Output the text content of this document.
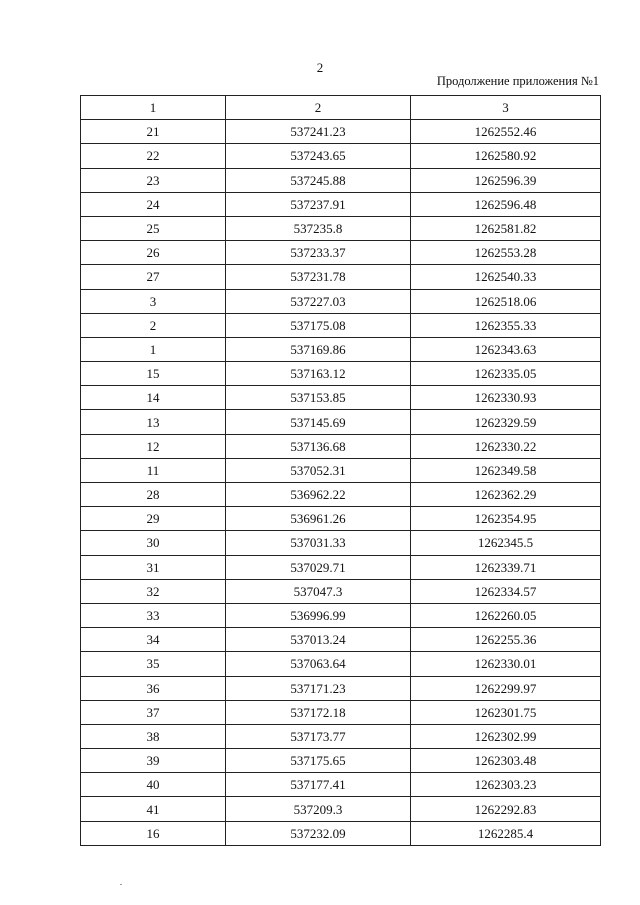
2
Продолжение приложения №1
1	2	3
21	537241.23	1262552.46
22	537243.65	1262580.92
23	537245.88	1262596.39
24	537237.91	1262596.48
25	537235.8	1262581.82
26	537233.37	1262553.28
27	537231.78	1262540.33
3	537227.03	1262518.06
2	537175.08	1262355.33
1	537169.86	1262343.63
15	537163.12	1262335.05
14	537153.85	1262330.93
13	537145.69	1262329.59
12	537136.68	1262330.22
11	537052.31	1262349.58
28	536962.22	1262362.29
29	536961.26	1262354.95
30	537031.33	1262345.5
31	537029.71	1262339.71
32	537047.3	1262334.57
33	536996.99	1262260.05
34	537013.24	1262255.36
35	537063.64	1262330.01
36	537171.23	1262299.97
37	537172.18	1262301.75
38	537173.77	1262302.99
39	537175.65	1262303.48
40	537177.41	1262303.23
41	537209.3	1262292.83
16	537232.09	1262285.4
